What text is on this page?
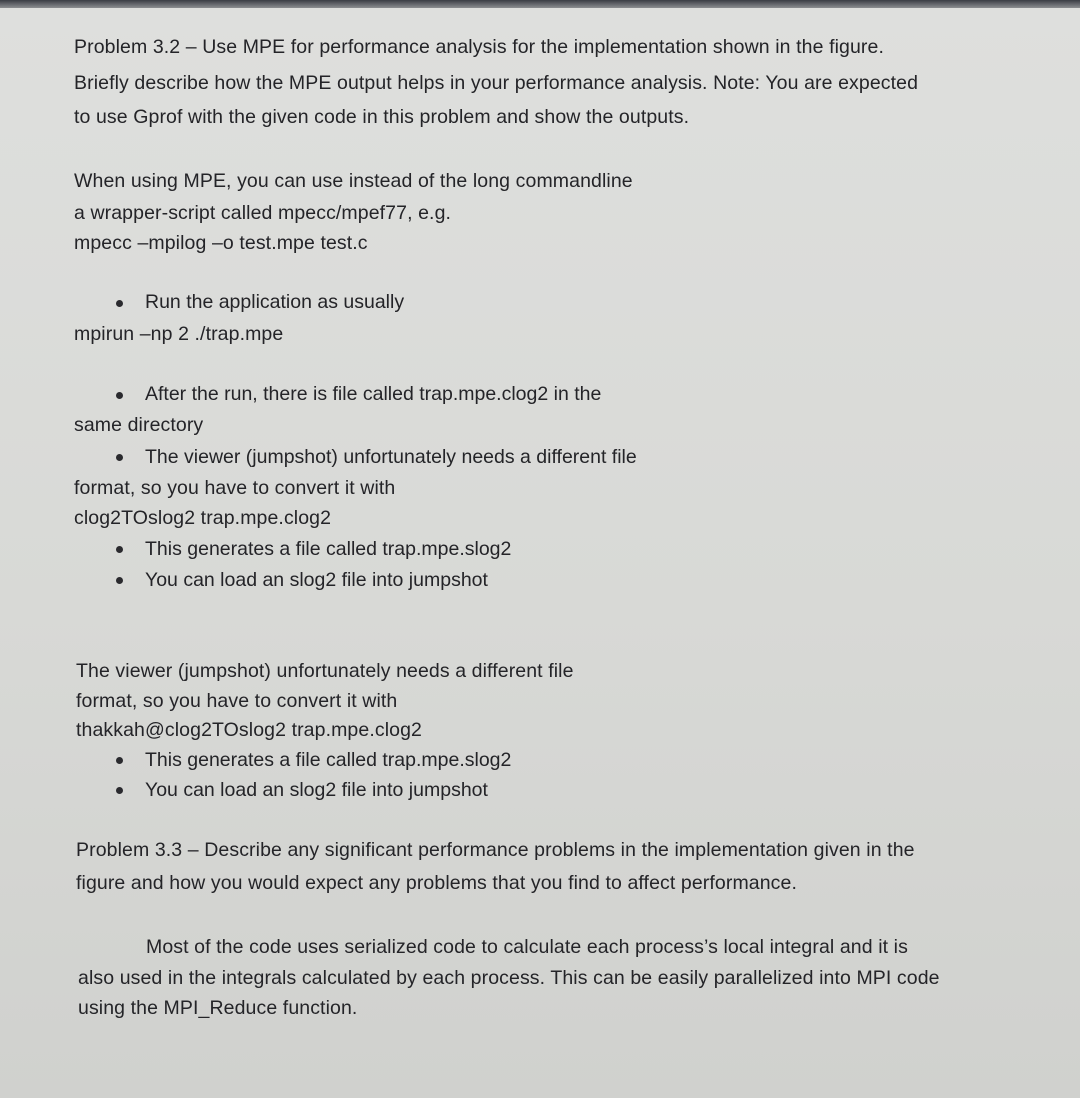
Problem 3.2 – Use MPE for performance analysis for the implementation shown in the figure.
Briefly describe how the MPE output helps in your performance analysis. Note: You are expected
to use Gprof with the given code in this problem and show the outputs.
When using MPE, you can use instead of the long commandline
a wrapper-script called mpecc/mpef77, e.g.
mpecc –mpilog –o test.mpe test.c
Run the application as usually
mpirun –np 2 ./trap.mpe
After the run, there is file called trap.mpe.clog2 in the
same directory
The viewer (jumpshot) unfortunately needs a different file
format, so you have to convert it with
clog2TOslog2 trap.mpe.clog2
This generates a file called trap.mpe.slog2
You can load an slog2 file into jumpshot
The viewer (jumpshot) unfortunately needs a different file
format, so you have to convert it with
thakkah@clog2TOslog2 trap.mpe.clog2
This generates a file called trap.mpe.slog2
You can load an slog2 file into jumpshot
Problem 3.3 – Describe any significant performance problems in the implementation given in the
figure and how you would expect any problems that you find to affect performance.
Most of the code uses serialized code to calculate each process’s local integral and it is
also used in the integrals calculated by each process. This can be easily parallelized into MPI code
using the MPI_Reduce function.
